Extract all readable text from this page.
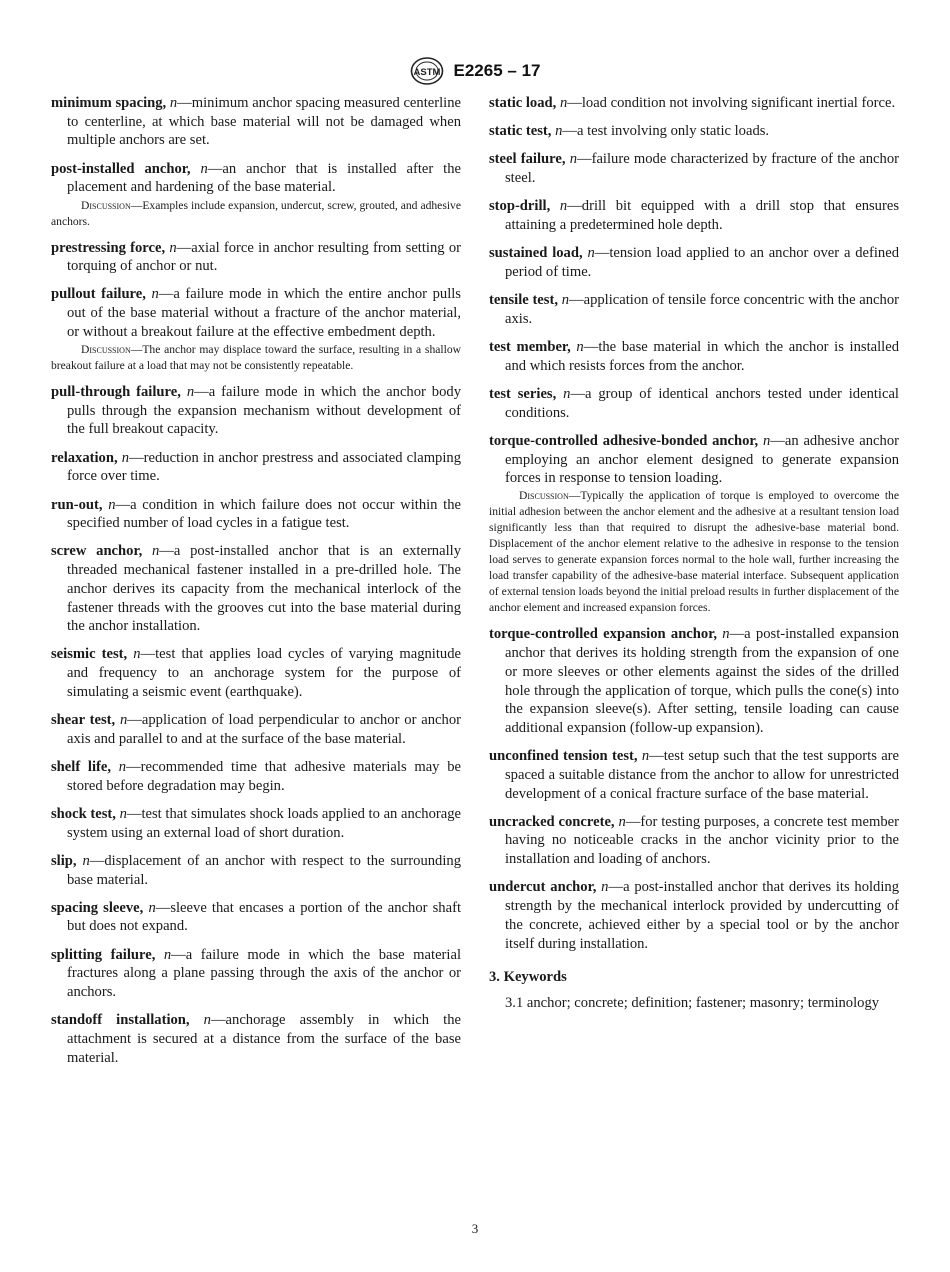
ASTM E2265 – 17

minimum spacing, n—minimum anchor spacing measured centerline to centerline, at which base material will not be damaged when multiple anchors are set.

post-installed anchor, n—an anchor that is installed after the placement and hardening of the base material.

Discussion—Examples include expansion, undercut, screw, grouted, and adhesive anchors.

prestressing force, n—axial force in anchor resulting from setting or torquing of anchor or nut.

pullout failure, n—a failure mode in which the entire anchor pulls out of the base material without a fracture of the anchor material, or without a breakout failure at the effective embedment depth.

Discussion—The anchor may displace toward the surface, resulting in a shallow breakout failure at a load that may not be consistently repeatable.

pull-through failure, n—a failure mode in which the anchor body pulls through the expansion mechanism without development of the full breakout capacity.

relaxation, n—reduction in anchor prestress and associated clamping force over time.

run-out, n—a condition in which failure does not occur within the specified number of load cycles in a fatigue test.

screw anchor, n—a post-installed anchor that is an externally threaded mechanical fastener installed in a pre-drilled hole. The anchor derives its capacity from the mechanical interlock of the fastener threads with the grooves cut into the base material during the anchor installation.

seismic test, n—test that applies load cycles of varying magnitude and frequency to an anchorage system for the purpose of simulating a seismic event (earthquake).

shear test, n—application of load perpendicular to anchor or anchor axis and parallel to and at the surface of the base material.

shelf life, n—recommended time that adhesive materials may be stored before degradation may begin.

shock test, n—test that simulates shock loads applied to an anchorage system using an external load of short duration.

slip, n—displacement of an anchor with respect to the surrounding base material.

spacing sleeve, n—sleeve that encases a portion of the anchor shaft but does not expand.

splitting failure, n—a failure mode in which the base material fractures along a plane passing through the axis of the anchor or anchors.

standoff installation, n—anchorage assembly in which the attachment is secured at a distance from the surface of the base material.

static load, n—load condition not involving significant inertial force.

static test, n—a test involving only static loads.

steel failure, n—failure mode characterized by fracture of the anchor steel.

stop-drill, n—drill bit equipped with a drill stop that ensures attaining a predetermined hole depth.

sustained load, n—tension load applied to an anchor over a defined period of time.

tensile test, n—application of tensile force concentric with the anchor axis.

test member, n—the base material in which the anchor is installed and which resists forces from the anchor.

test series, n—a group of identical anchors tested under identical conditions.

torque-controlled adhesive-bonded anchor, n—an adhesive anchor employing an anchor element designed to generate expansion forces in response to tension loading.

Discussion—Typically the application of torque is employed to overcome the initial adhesion between the anchor element and the adhesive at a resultant tension load significantly less than that required to disrupt the adhesive-base material bond. Displacement of the anchor element relative to the adhesive in response to the tension load serves to generate expansion forces normal to the hole wall, further increasing the load transfer capability of the adhesive-base material interface. Subsequent application of external tension loads beyond the initial preload results in further displacement of the anchor element and increased expansion forces.

torque-controlled expansion anchor, n—a post-installed expansion anchor that derives its holding strength from the expansion of one or more sleeves or other elements against the sides of the drilled hole through the application of torque, which pulls the cone(s) into the expansion sleeve(s). After setting, tensile loading can cause additional expansion (follow-up expansion).

unconfined tension test, n—test setup such that the test supports are spaced a suitable distance from the anchor to allow for unrestricted development of a conical fracture surface of the base material.

uncracked concrete, n—for testing purposes, a concrete test member having no noticeable cracks in the anchor vicinity prior to the installation and loading of anchors.

undercut anchor, n—a post-installed anchor that derives its holding strength by the mechanical interlock provided by undercutting of the concrete, achieved either by a special tool or by the anchor itself during installation.

3. Keywords

3.1 anchor; concrete; definition; fastener; masonry; terminology

3
